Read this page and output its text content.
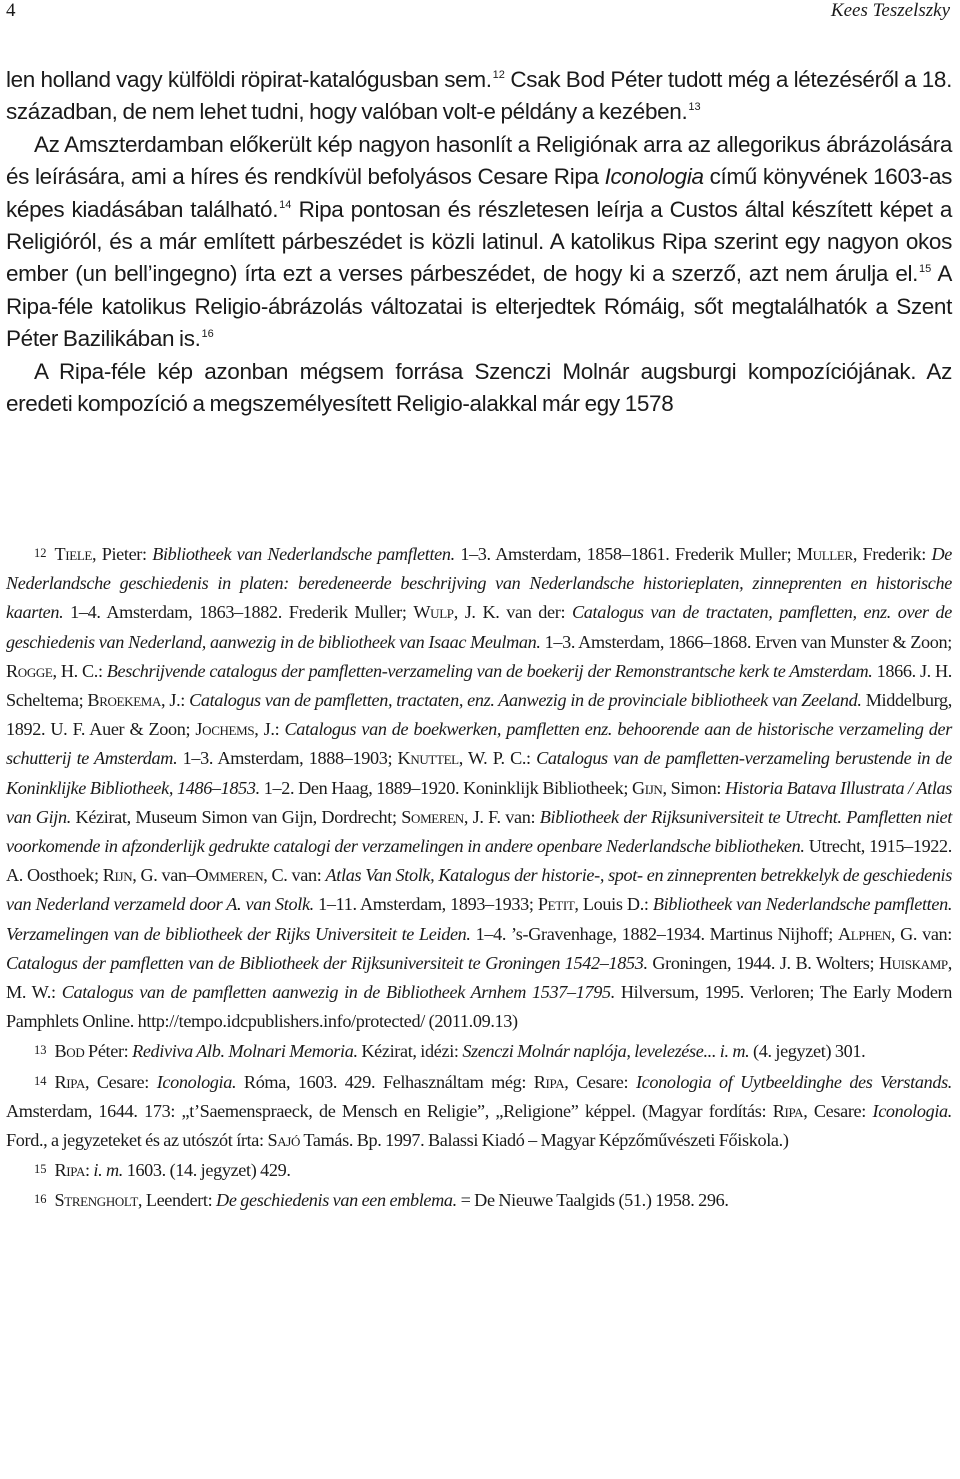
4	Kees Teszelszky

len holland vagy külföldi röpirat-katalógusban sem.$^{12}$ Csak Bod Péter tudott még a létezéséről a 18. században, de nem lehet tudni, hogy valóban volt-e példány a kezében.$^{13}$

Az Amszterdamban előkerült kép nagyon hasonlít a Religiónak arra az allegorikus ábrázolására és leírására, ami a híres és rendkívül befolyásos Cesare Ripa Iconologia című könyvének 1603-as képes kiadásában található.$^{14}$ Ripa pontosan és részletesen leírja a Custos által készített képet a Religióról, és a már említett párbeszédet is közli latinul. A katolikus Ripa szerint egy nagyon okos ember (un bell’ingegno) írta ezt a verses párbeszédet, de hogy ki a szerző, azt nem árulja el.$^{15}$ A Ripa-féle katolikus Religio-ábrázolás változatai is elterjedtek Rómáig, sőt megtalálhatók a Szent Péter Bazilikában is.$^{16}$

A Ripa-féle kép azonban mégsem forrása Szenczi Molnár augsburgi kompozíciójának. Az eredeti kompozíció a megszemélyesített Religio-alakkal már egy 1578

12 Tiele, Pieter: Bibliotheek van Nederlandsche pamfletten. 1–3. Amsterdam, 1858–1861. Frederik Muller; Muller, Frederik: De Nederlandsche geschiedenis in platen: beredeneerde beschrijving van Nederlandsche historieplaten, zinneprenten en historische kaarten. 1–4. Amsterdam, 1863–1882. Frederik Muller; Wulp, J. K. van der: Catalogus van de tractaten, pamfletten, enz. over de geschiedenis van Nederland, aanwezig in de bibliotheek van Isaac Meulman. 1–3. Amsterdam, 1866–1868. Erven van Munster & Zoon; Rogge, H. C.: Beschrijvende catalogus der pamfletten-verzameling van de boekerij der Remonstrantsche kerk te Amsterdam. 1866. J. H. Scheltema; Broekema, J.: Catalogus van de pamfletten, tractaten, enz. Aanwezig in de provinciale bibliotheek van Zeeland. Middelburg, 1892. U. F. Auer & Zoon; Jochems, J.: Catalogus van de boekwerken, pamfletten enz. behoorende aan de historische verzameling der schutterij te Amsterdam. 1–3. Amsterdam, 1888–1903; Knuttel, W. P. C.: Catalogus van de pamfletten-verzameling berustende in de Koninklijke Bibliotheek, 1486–1853. 1–2. Den Haag, 1889–1920. Koninklijk Bibliotheek; Gijn, Simon: Historia Batava Illustrata / Atlas van Gijn. Kézirat, Museum Simon van Gijn, Dordrecht; Someren, J. F. van: Bibliotheek der Rijksuniversiteit te Utrecht. Pamfletten niet voorkomende in afzonderlijk gedrukte catalogi der verzamelingen in andere openbare Nederlandsche bibliotheken. Utrecht, 1915–1922. A. Oosthoek; Rijn, G. van–Ommeren, C. van: Atlas Van Stolk, Katalogus der historie-, spot- en zinneprenten betrekkelyk de geschiedenis van Nederland verzameld door A. van Stolk. 1–11. Amsterdam, 1893–1933; Petit, Louis D.: Bibliotheek van Nederlandsche pamfletten. Verzamelingen van de bibliotheek der Rijks Universiteit te Leiden. 1–4. ’s-Gravenhage, 1882–1934. Martinus Nijhoff; Alphen, G. van: Catalogus der pamfletten van de Bibliotheek der Rijksuniversiteit te Groningen 1542–1853. Groningen, 1944. J. B. Wolters; Huiskamp, M. W.: Catalogus van de pamfletten aanwezig in de Bibliotheek Arnhem 1537–1795. Hilversum, 1995. Verloren; The Early Modern Pamphlets Online. http://tempo.idcpublishers.info/protected/ (2011.09.13)

13 Bod Péter: Rediviva Alb. Molnari Memoria. Kézirat, idézi: Szenczi Molnár naplója, levelezése... i. m. (4. jegyzet) 301.

14 Ripa, Cesare: Iconologia. Róma, 1603. 429. Felhasználtam még: Ripa, Cesare: Iconologia of Uytbeeldinghe des Verstands. Amsterdam, 1644. 173: „t’Saemenspraeck, de Mensch en Religie”, „Religione” képpel. (Magyar fordítás: Ripa, Cesare: Iconologia. Ford., a jegyzeteket és az utószót írta: Sajó Tamás. Bp. 1997. Balassi Kiadó – Magyar Képzőművészeti Főiskola.)

15 Ripa: i. m. 1603. (14. jegyzet) 429.

16 Strengholt, Leendert: De geschiedenis van een emblema. = De Nieuwe Taalgids (51.) 1958. 296.
